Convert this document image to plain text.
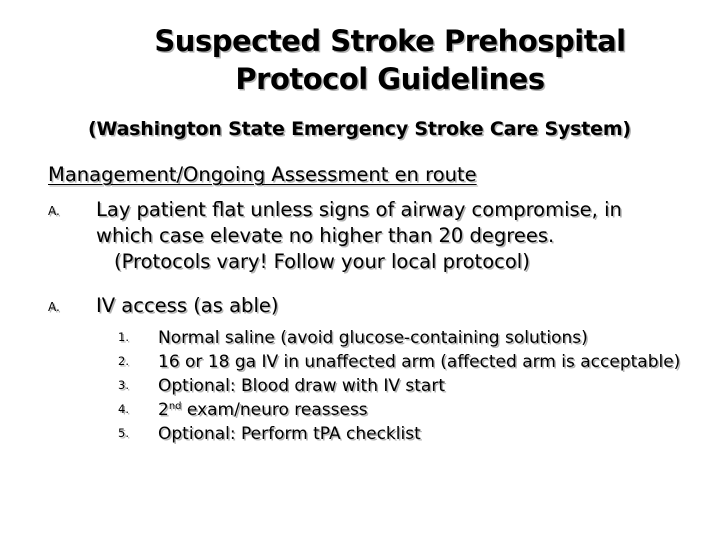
Suspected Stroke Prehospital
Protocol Guidelines
(Washington State Emergency Stroke Care System)
Management/Ongoing Assessment en route
A. Lay patient flat unless signs of airway compromise, in
which case elevate no higher than 20 degrees.
(Protocols vary! Follow your local protocol)
A. IV access (as able)
1. Normal saline (avoid glucose-containing solutions)
2. 16 or 18 ga IV in unaffected arm (affected arm is acceptable)
3. Optional: Blood draw with IV start
4. 2nd exam/neuro reassess
5. Optional: Perform tPA checklist
